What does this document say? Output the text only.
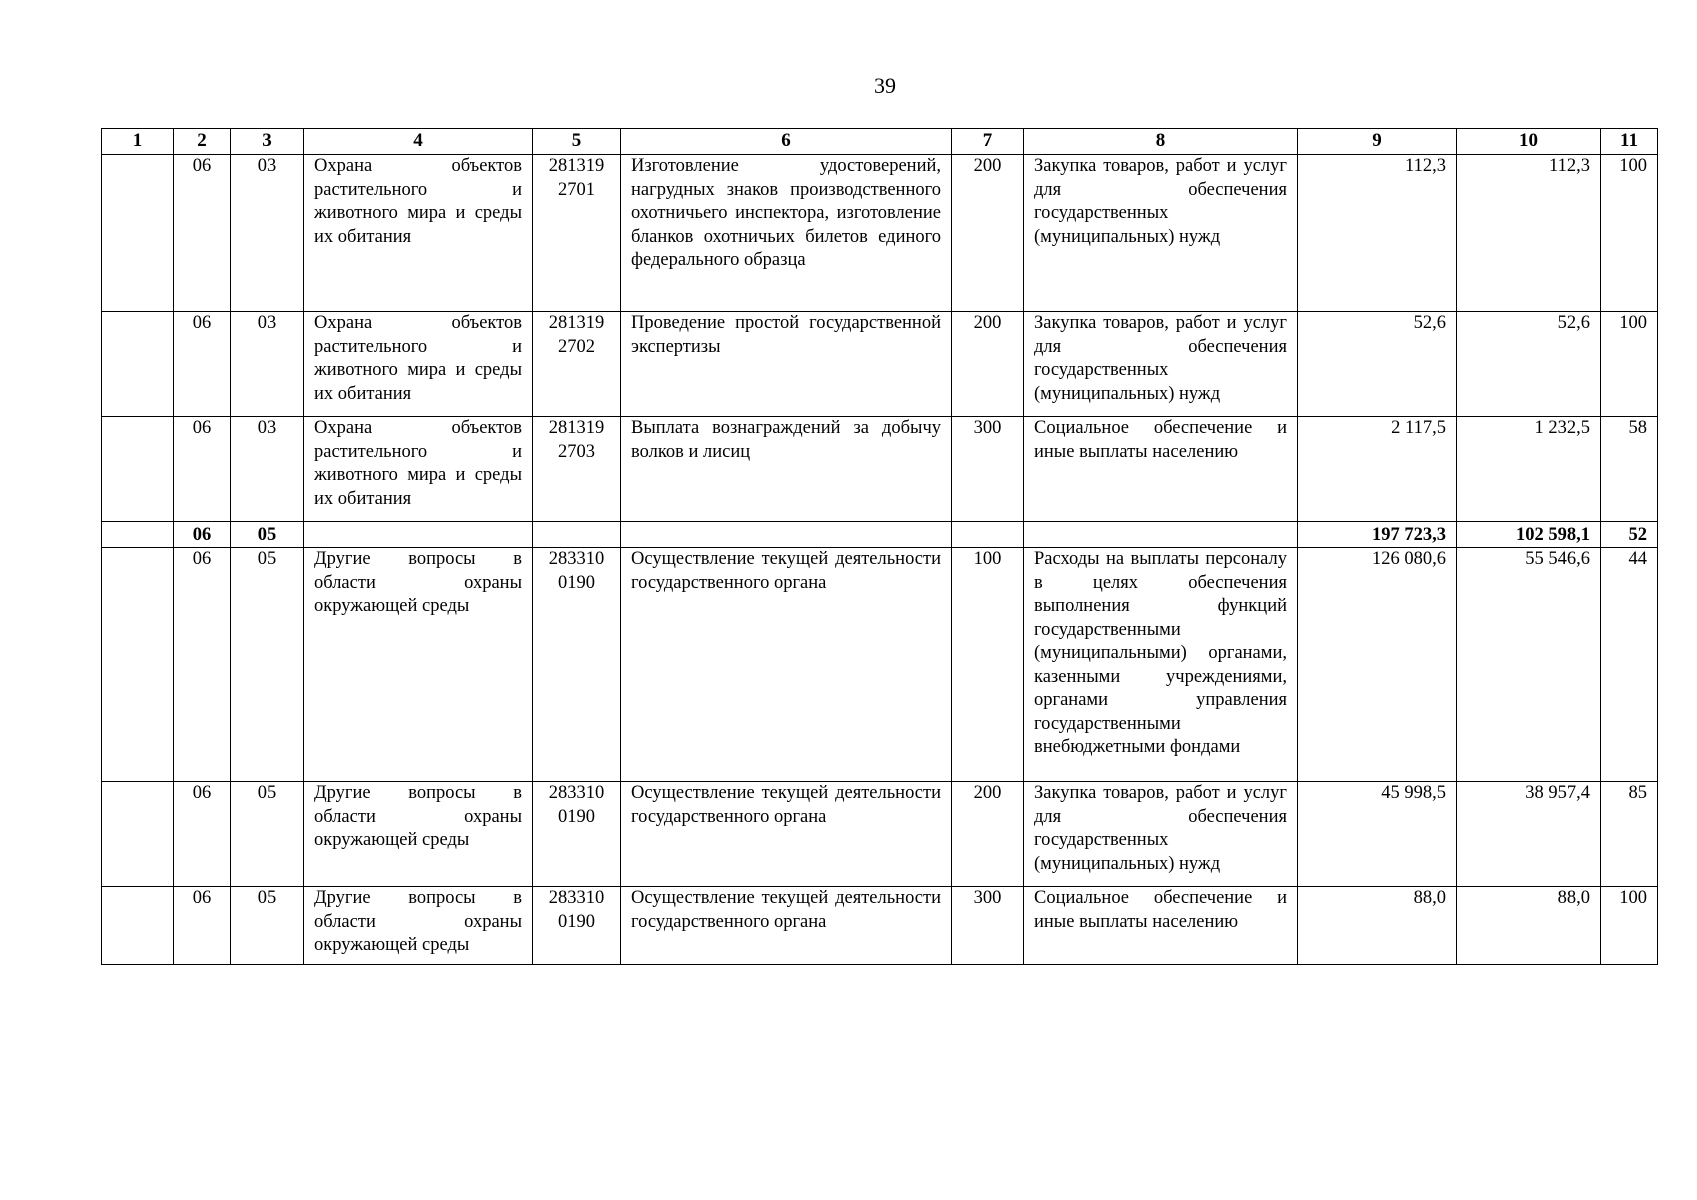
39
1	2	3	4	5	6	7	8	9	10	11
	06	03	Охрана объектов растительного и животного мира и среды их обитания	281319 2701	Изготовление удостоверений, нагрудных знаков производственного охотничьего инспектора, изготовление бланков охотничьих билетов единого федерального образца	200	Закупка товаров, работ и услуг для обеспечения государственных (муниципальных) нужд	112,3	112,3	100
	06	03	Охрана объектов растительного и животного мира и среды их обитания	281319 2702	Проведение простой государственной экспертизы	200	Закупка товаров, работ и услуг для обеспечения государственных (муниципальных) нужд	52,6	52,6	100
	06	03	Охрана объектов растительного и животного мира и среды их обитания	281319 2703	Выплата вознаграждений за добычу волков и лисиц	300	Социальное обеспечение и иные выплаты населению	2 117,5	1 232,5	58
	06	05						197 723,3	102 598,1	52
	06	05	Другие вопросы в области охраны окружающей среды	283310 0190	Осуществление текущей деятельности государственного органа	100	Расходы на выплаты персоналу в целях обеспечения выполнения функций государственными (муниципальными) органами, казенными учреждениями, органами управления государственными внебюджетными фондами	126 080,6	55 546,6	44
	06	05	Другие вопросы в области охраны окружающей среды	283310 0190	Осуществление текущей деятельности государственного органа	200	Закупка товаров, работ и услуг для обеспечения государственных (муниципальных) нужд	45 998,5	38 957,4	85
	06	05	Другие вопросы в области охраны окружающей среды	283310 0190	Осуществление текущей деятельности государственного органа	300	Социальное обеспечение и иные выплаты населению	88,0	88,0	100
